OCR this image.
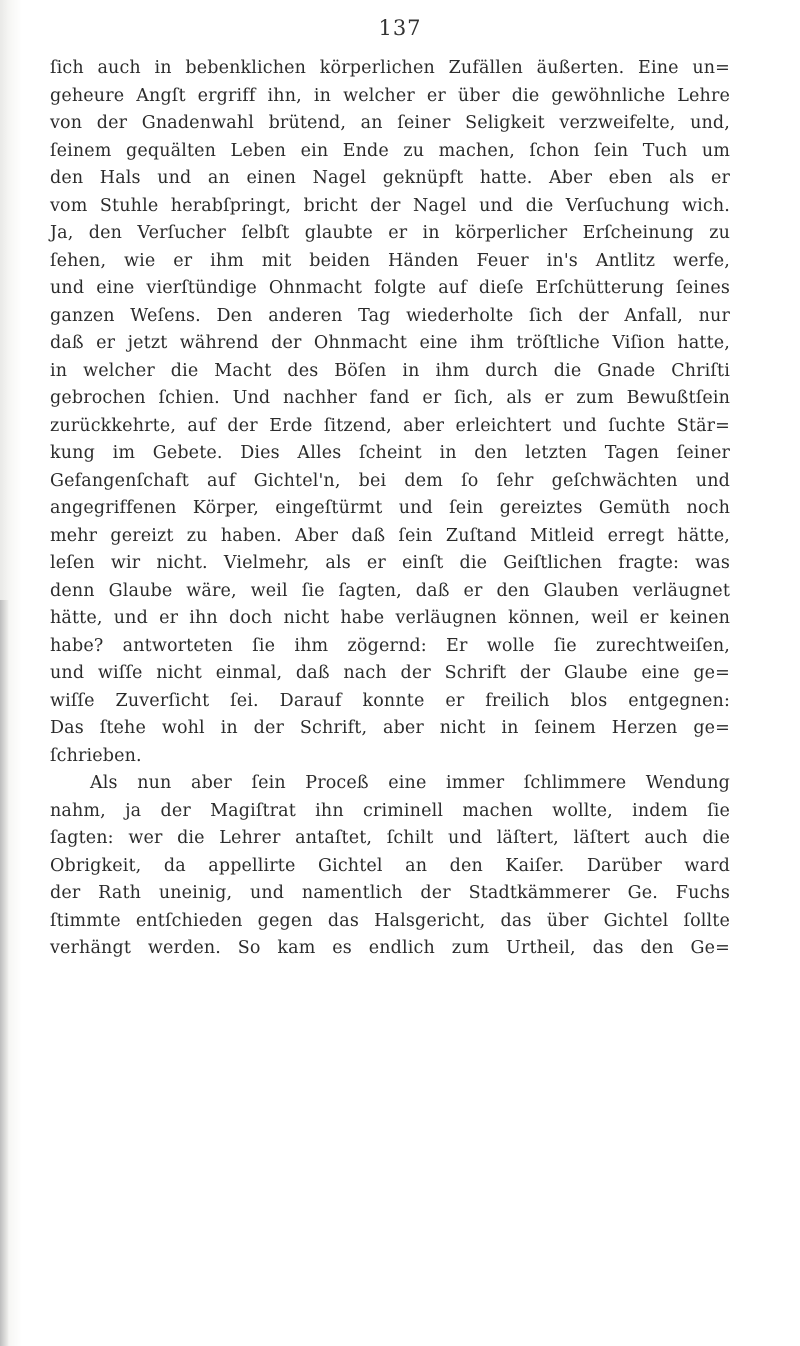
137
ſich auch in bebenklichen körperlichen Zufällen äußerten. Eine un=
geheure Angſt ergriff ihn, in welcher er über die gewöhnliche Lehre
von der Gnadenwahl brütend, an ſeiner Seligkeit verzweifelte, und,
ſeinem gequälten Leben ein Ende zu machen, ſchon ſein Tuch um
den Hals und an einen Nagel geknüpft hatte. Aber eben als er
vom Stuhle herabſpringt, bricht der Nagel und die Verſuchung wich.
Ja, den Verſucher ſelbſt glaubte er in körperlicher Erſcheinung zu
ſehen, wie er ihm mit beiden Händen Feuer in's Antlitz werfe,
und eine vierſtündige Ohnmacht folgte auf dieſe Erſchütterung ſeines
ganzen Weſens. Den anderen Tag wiederholte ſich der Anfall, nur
daß er jetzt während der Ohnmacht eine ihm tröſtliche Viſion hatte,
in welcher die Macht des Böſen in ihm durch die Gnade Chriſti
gebrochen ſchien. Und nachher fand er ſich, als er zum Bewußtſein
zurückkehrte, auf der Erde ſitzend, aber erleichtert und ſuchte Stär=
kung im Gebete. Dies Alles ſcheint in den letzten Tagen ſeiner
Gefangenſchaft auf Gichtel'n, bei dem ſo ſehr geſchwächten und
angegriffenen Körper, eingeſtürmt und ſein gereiztes Gemüth noch
mehr gereizt zu haben. Aber daß ſein Zuſtand Mitleid erregt hätte,
leſen wir nicht. Vielmehr, als er einſt die Geiſtlichen fragte: was
denn Glaube wäre, weil ſie ſagten, daß er den Glauben verläugnet
hätte, und er ihn doch nicht habe verläugnen können, weil er keinen
habe? antworteten ſie ihm zögernd: Er wolle ſie zurechtweiſen,
und wiſſe nicht einmal, daß nach der Schrift der Glaube eine ge=
wiſſe Zuverſicht ſei. Darauf konnte er freilich blos entgegnen:
Das ſtehe wohl in der Schrift, aber nicht in ſeinem Herzen ge=
ſchrieben.
Als nun aber ſein Proceß eine immer ſchlimmere Wendung
nahm, ja der Magiſtrat ihn criminell machen wollte, indem ſie
ſagten: wer die Lehrer antaſtet, ſchilt und läſtert, läſtert auch die
Obrigkeit, da appellirte Gichtel an den Kaiſer. Darüber ward
der Rath uneinig, und namentlich der Stadtkämmerer Ge. Fuchs
ſtimmte entſchieden gegen das Halsgericht, das über Gichtel ſollte
verhängt werden. So kam es endlich zum Urtheil, das den Ge=
